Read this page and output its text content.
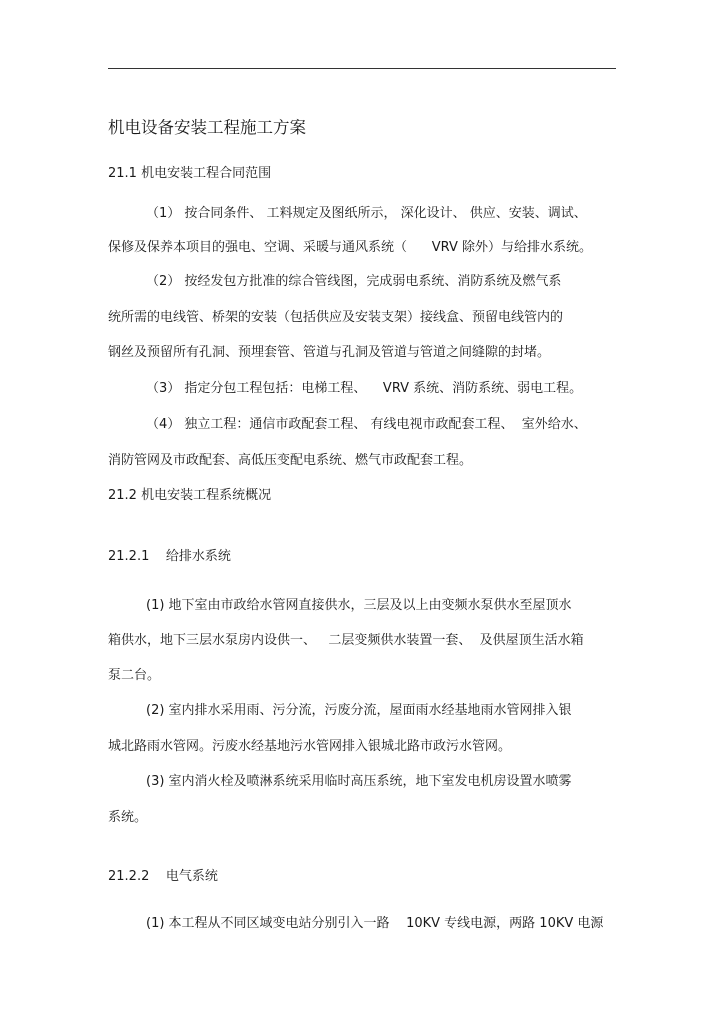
机电设备安装工程施工方案
21.1 机电安装工程合同范围
（1） 按合同条件、 工料规定及图纸所示， 深化设计、 供应、安装、调试、
保修及保养本项目的强电、空调、采暖与通风系统（      VRV 除外）与给排水系统。
（2） 按经发包方批准的综合管线图，完成弱电系统、消防系统及燃气系
统所需的电线管、桥架的安装（包括供应及安装支架）接线盒、预留电线管内的
钢丝及预留所有孔洞、预埋套管、管道与孔洞及管道与管道之间缝隙的封堵。
（3） 指定分包工程包括：电梯工程、    VRV 系统、消防系统、弱电工程。
（4） 独立工程：通信市政配套工程、 有线电视市政配套工程、  室外给水、
消防管网及市政配套、高低压变配电系统、燃气市政配套工程。
21.2 机电安装工程系统概况
21.2.1    给排水系统
(1) 地下室由市政给水管网直接供水，三层及以上由变频水泵供水至屋顶水
箱供水，地下三层水泵房内设供一、   二层变频供水装置一套、  及供屋顶生活水箱
泵二台。
(2) 室内排水采用雨、污分流，污废分流，屋面雨水经基地雨水管网排入银
城北路雨水管网。污废水经基地污水管网排入银城北路市政污水管网。
(3) 室内消火栓及喷淋系统采用临时高压系统，地下室发电机房设置水喷雾
系统。
21.2.2    电气系统
(1) 本工程从不同区域变电站分别引入一路    10KV 专线电源，两路 10KV 电源
